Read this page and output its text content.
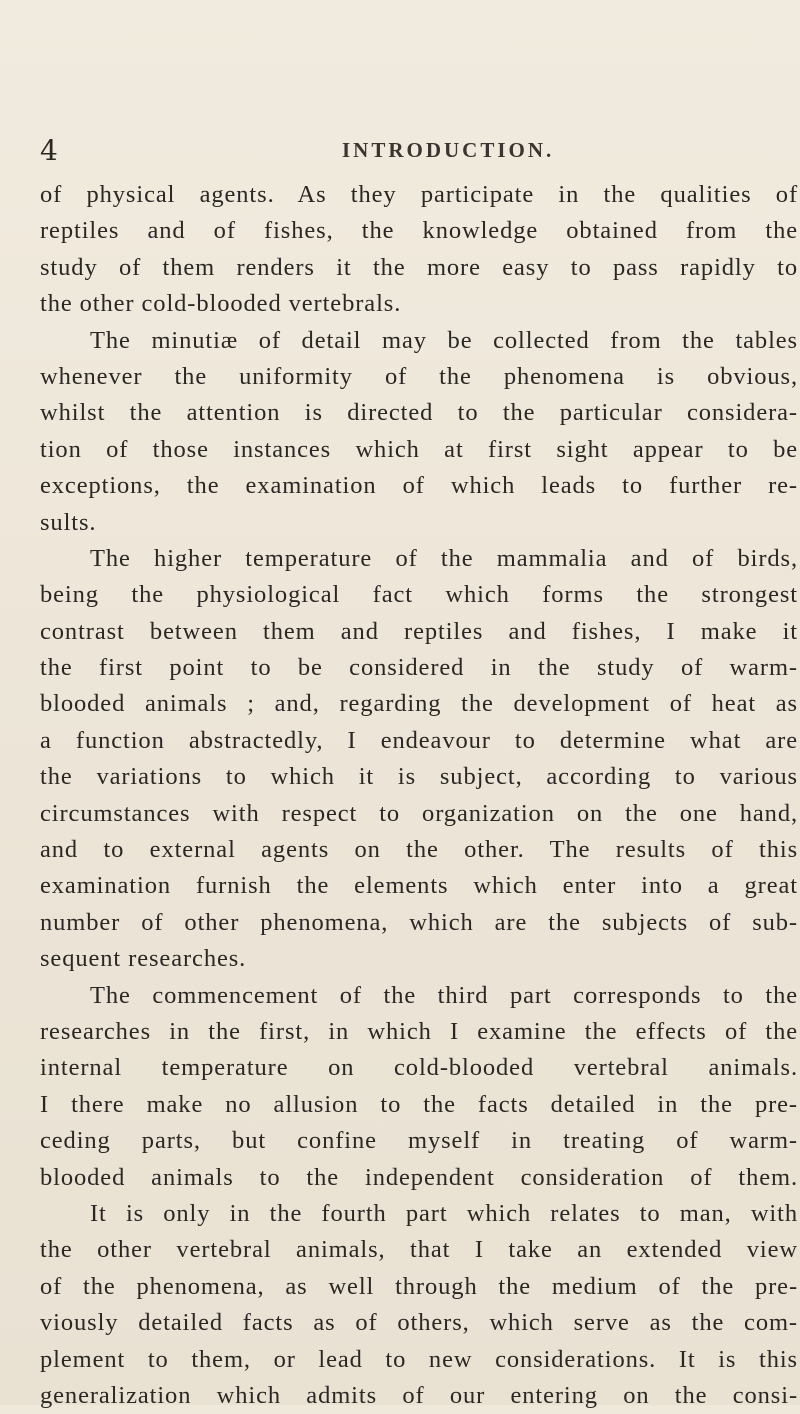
4	INTRODUCTION.
of physical agents. As they participate in the qualities of
reptiles and of fishes, the knowledge obtained from the
study of them renders it the more easy to pass rapidly to
the other cold-blooded vertebrals.
The minutiæ of detail may be collected from the tables
whenever the uniformity of the phenomena is obvious,
whilst the attention is directed to the particular considera-
tion of those instances which at first sight appear to be
exceptions, the examination of which leads to further re-
sults.
The higher temperature of the mammalia and of birds,
being the physiological fact which forms the strongest
contrast between them and reptiles and fishes, I make it
the first point to be considered in the study of warm-
blooded animals ; and, regarding the development of heat as
a function abstractedly, I endeavour to determine what are
the variations to which it is subject, according to various
circumstances with respect to organization on the one hand,
and to external agents on the other. The results of this
examination furnish the elements which enter into a great
number of other phenomena, which are the subjects of sub-
sequent researches.
The commencement of the third part corresponds to the
researches in the first, in which I examine the effects of the
internal temperature on cold-blooded vertebral animals.
I there make no allusion to the facts detailed in the pre-
ceding parts, but confine myself in treating of warm-
blooded animals to the independent consideration of them.
It is only in the fourth part which relates to man, with
the other vertebral animals, that I take an extended view
of the phenomena, as well through the medium of the pre-
viously detailed facts as of others, which serve as the com-
plement to them, or lead to new considerations. It is this
generalization which admits of our entering on the consi-
